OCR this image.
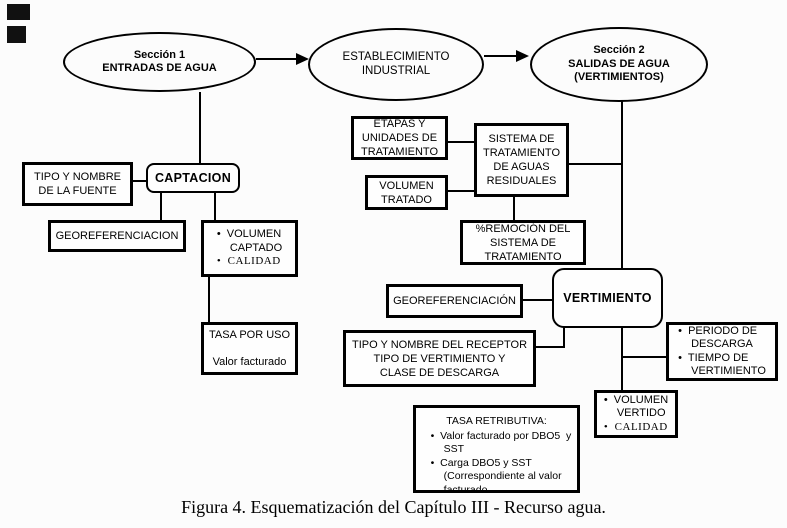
Sección 1
ENTRADAS DE AGUA
ESTABLECIMIENTO
INDUSTRIAL
Sección 2
SALIDAS DE AGUA
(VERTIMIENTOS)
TIPO Y NOMBRE
DE LA FUENTE
CAPTACION
GEOREFERENCIACION	•  VOLUMEN
CAPTADO
•  CALIDAD
TASA POR USO
Valor facturado
ETAPAS Y
UNIDADES DE
TRATAMIENTO
SISTEMA DE
TRATAMIENTO
DE AGUAS
RESIDUALES
VOLUMEN
TRATADO
%REMOCIÓN DEL
SISTEMA DE
TRATAMIENTO
GEOREFERENCIACIÓN	VERTIMIENTO
TIPO Y NOMBRE DEL RECEPTOR
TIPO DE VERTIMIENTO Y
CLASE DE DESCARGA
•  PERIODO DE
DESCARGA
•  TIEMPO DE
VERTIMIENTO
•  VOLUMEN
VERTIDO
•  CALIDAD
TASA RETRIBUTIVA:
•  Valor facturado por DBO5  y
SST
•  Carga DBO5 y SST
(Correspondiente al valor
facturado
Figura 4. Esquematización del Capítulo III - Recurso agua.
